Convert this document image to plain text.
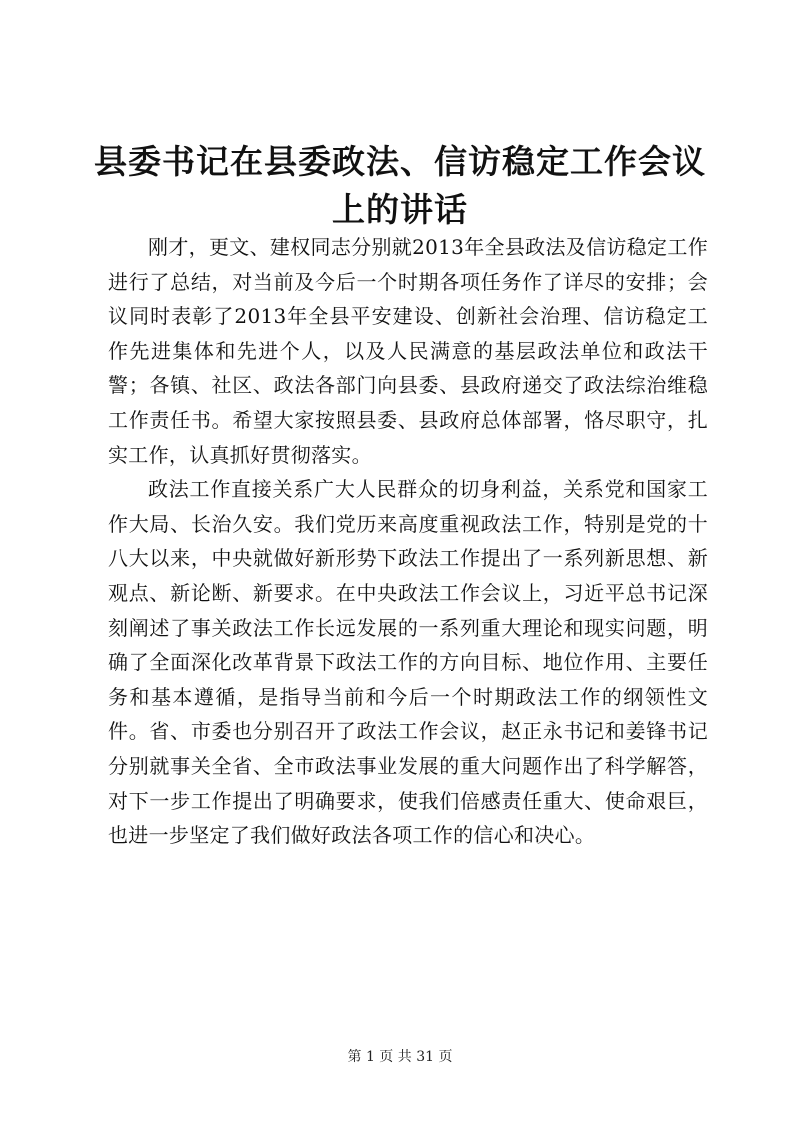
县委书记在县委政法、信访稳定工作会议上的讲话

刚才，更文、建权同志分别就2013年全县政法及信访稳定工作进行了总结，对当前及今后一个时期各项任务作了详尽的安排；会议同时表彰了2013年全县平安建设、创新社会治理、信访稳定工作先进集体和先进个人，以及人民满意的基层政法单位和政法干警；各镇、社区、政法各部门向县委、县政府递交了政法综治维稳工作责任书。希望大家按照县委、县政府总体部署，恪尽职守，扎实工作，认真抓好贯彻落实。

政法工作直接关系广大人民群众的切身利益，关系党和国家工作大局、长治久安。我们党历来高度重视政法工作，特别是党的十八大以来，中央就做好新形势下政法工作提出了一系列新思想、新观点、新论断、新要求。在中央政法工作会议上，习近平总书记深刻阐述了事关政法工作长远发展的一系列重大理论和现实问题，明确了全面深化改革背景下政法工作的方向目标、地位作用、主要任务和基本遵循，是指导当前和今后一个时期政法工作的纲领性文件。省、市委也分别召开了政法工作会议，赵正永书记和姜锋书记分别就事关全省、全市政法事业发展的重大问题作出了科学解答，对下一步工作提出了明确要求，使我们倍感责任重大、使命艰巨，也进一步坚定了我们做好政法各项工作的信心和决心。

第 1 页 共 31 页
